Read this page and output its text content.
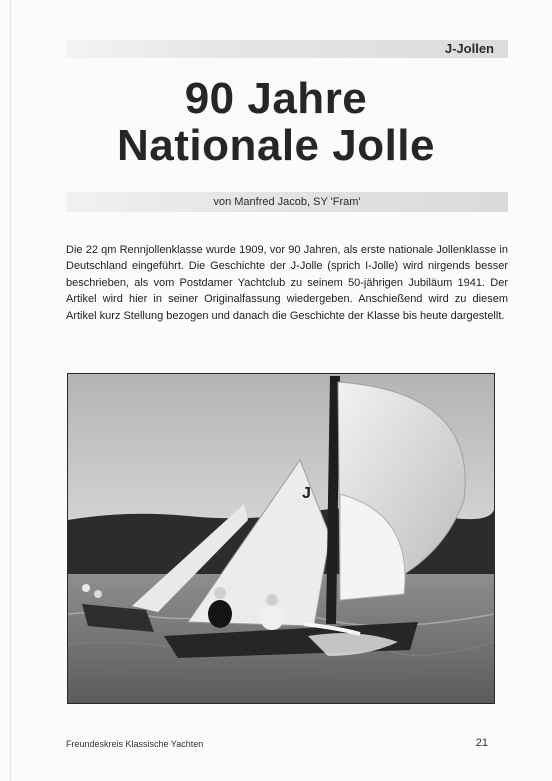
J-Jollen
90 Jahre
Nationale Jolle
von Manfred Jacob, SY 'Fram'
Die 22 qm Rennjollenklasse wurde 1909, vor 90 Jahren, als erste nationale Jollenklasse in Deutschland eingeführt. Die Geschichte der J-Jolle (sprich I-Jolle) wird nirgends besser beschrieben, als vom Postdamer Yachtclub zu seinem 50-jährigen Jubiläum 1941. Der Artikel wird hier in seiner Originalfassung wiedergeben. Anschießend wird zu diesem Artikel kurz Stellung bezogen und danach die Geschichte der Klasse bis heute dargestellt.
J
Freundeskreis Klassische Yachten	21
